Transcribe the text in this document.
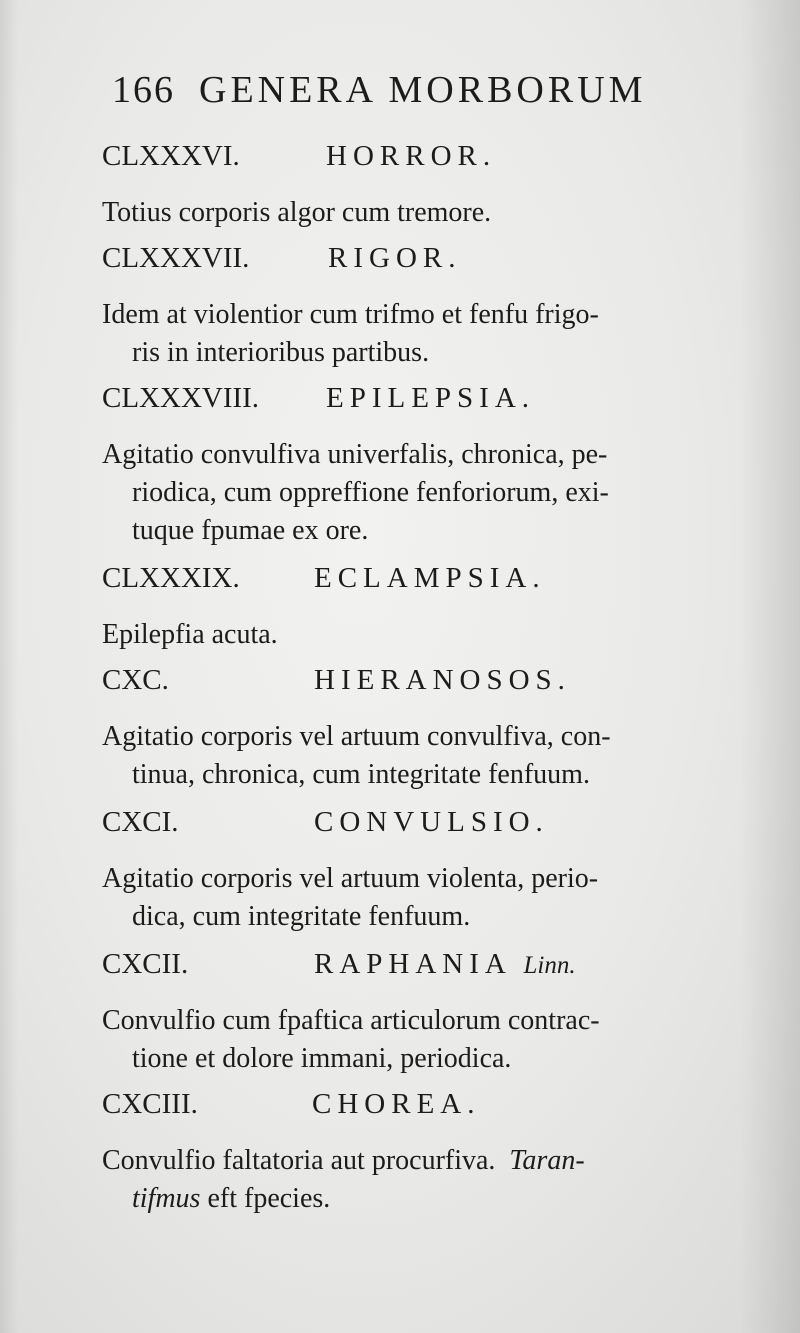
166 GENERA MORBORUM
CLXXXVI.	HORROR.
Totius corporis algor cum tremore.
CLXXXVII.	RIGOR.
Idem at violentior cum trifmo et fenfu frigo-
ris in interioribus partibus.
CLXXXVIII. EPILEPSIA.
Agitatio convulfiva univerfalis, chronica, pe-
riodica, cum oppreffione fenforiorum, exi-
tuque fpumae ex ore.
CLXXXIX.	ECLAMPSIA.
Epilepfia acuta.
CXC.	HIERANOSOS.
Agitatio corporis vel artuum convulfiva, con-
tinua, chronica, cum integritate fenfuum.
CXCI.	CONVULSIO.
Agitatio corporis vel artuum violenta, perio-
dica, cum integritate fenfuum.
CXCII.	RAPHANIA Linn.
Convulfio cum fpaftica articulorum contrac-
tione et dolore immani, periodica.
CXCIII.	CHOREA.
Convulfio faltatoria aut procurfiva. Taran-
tifmus eft fpecies.
